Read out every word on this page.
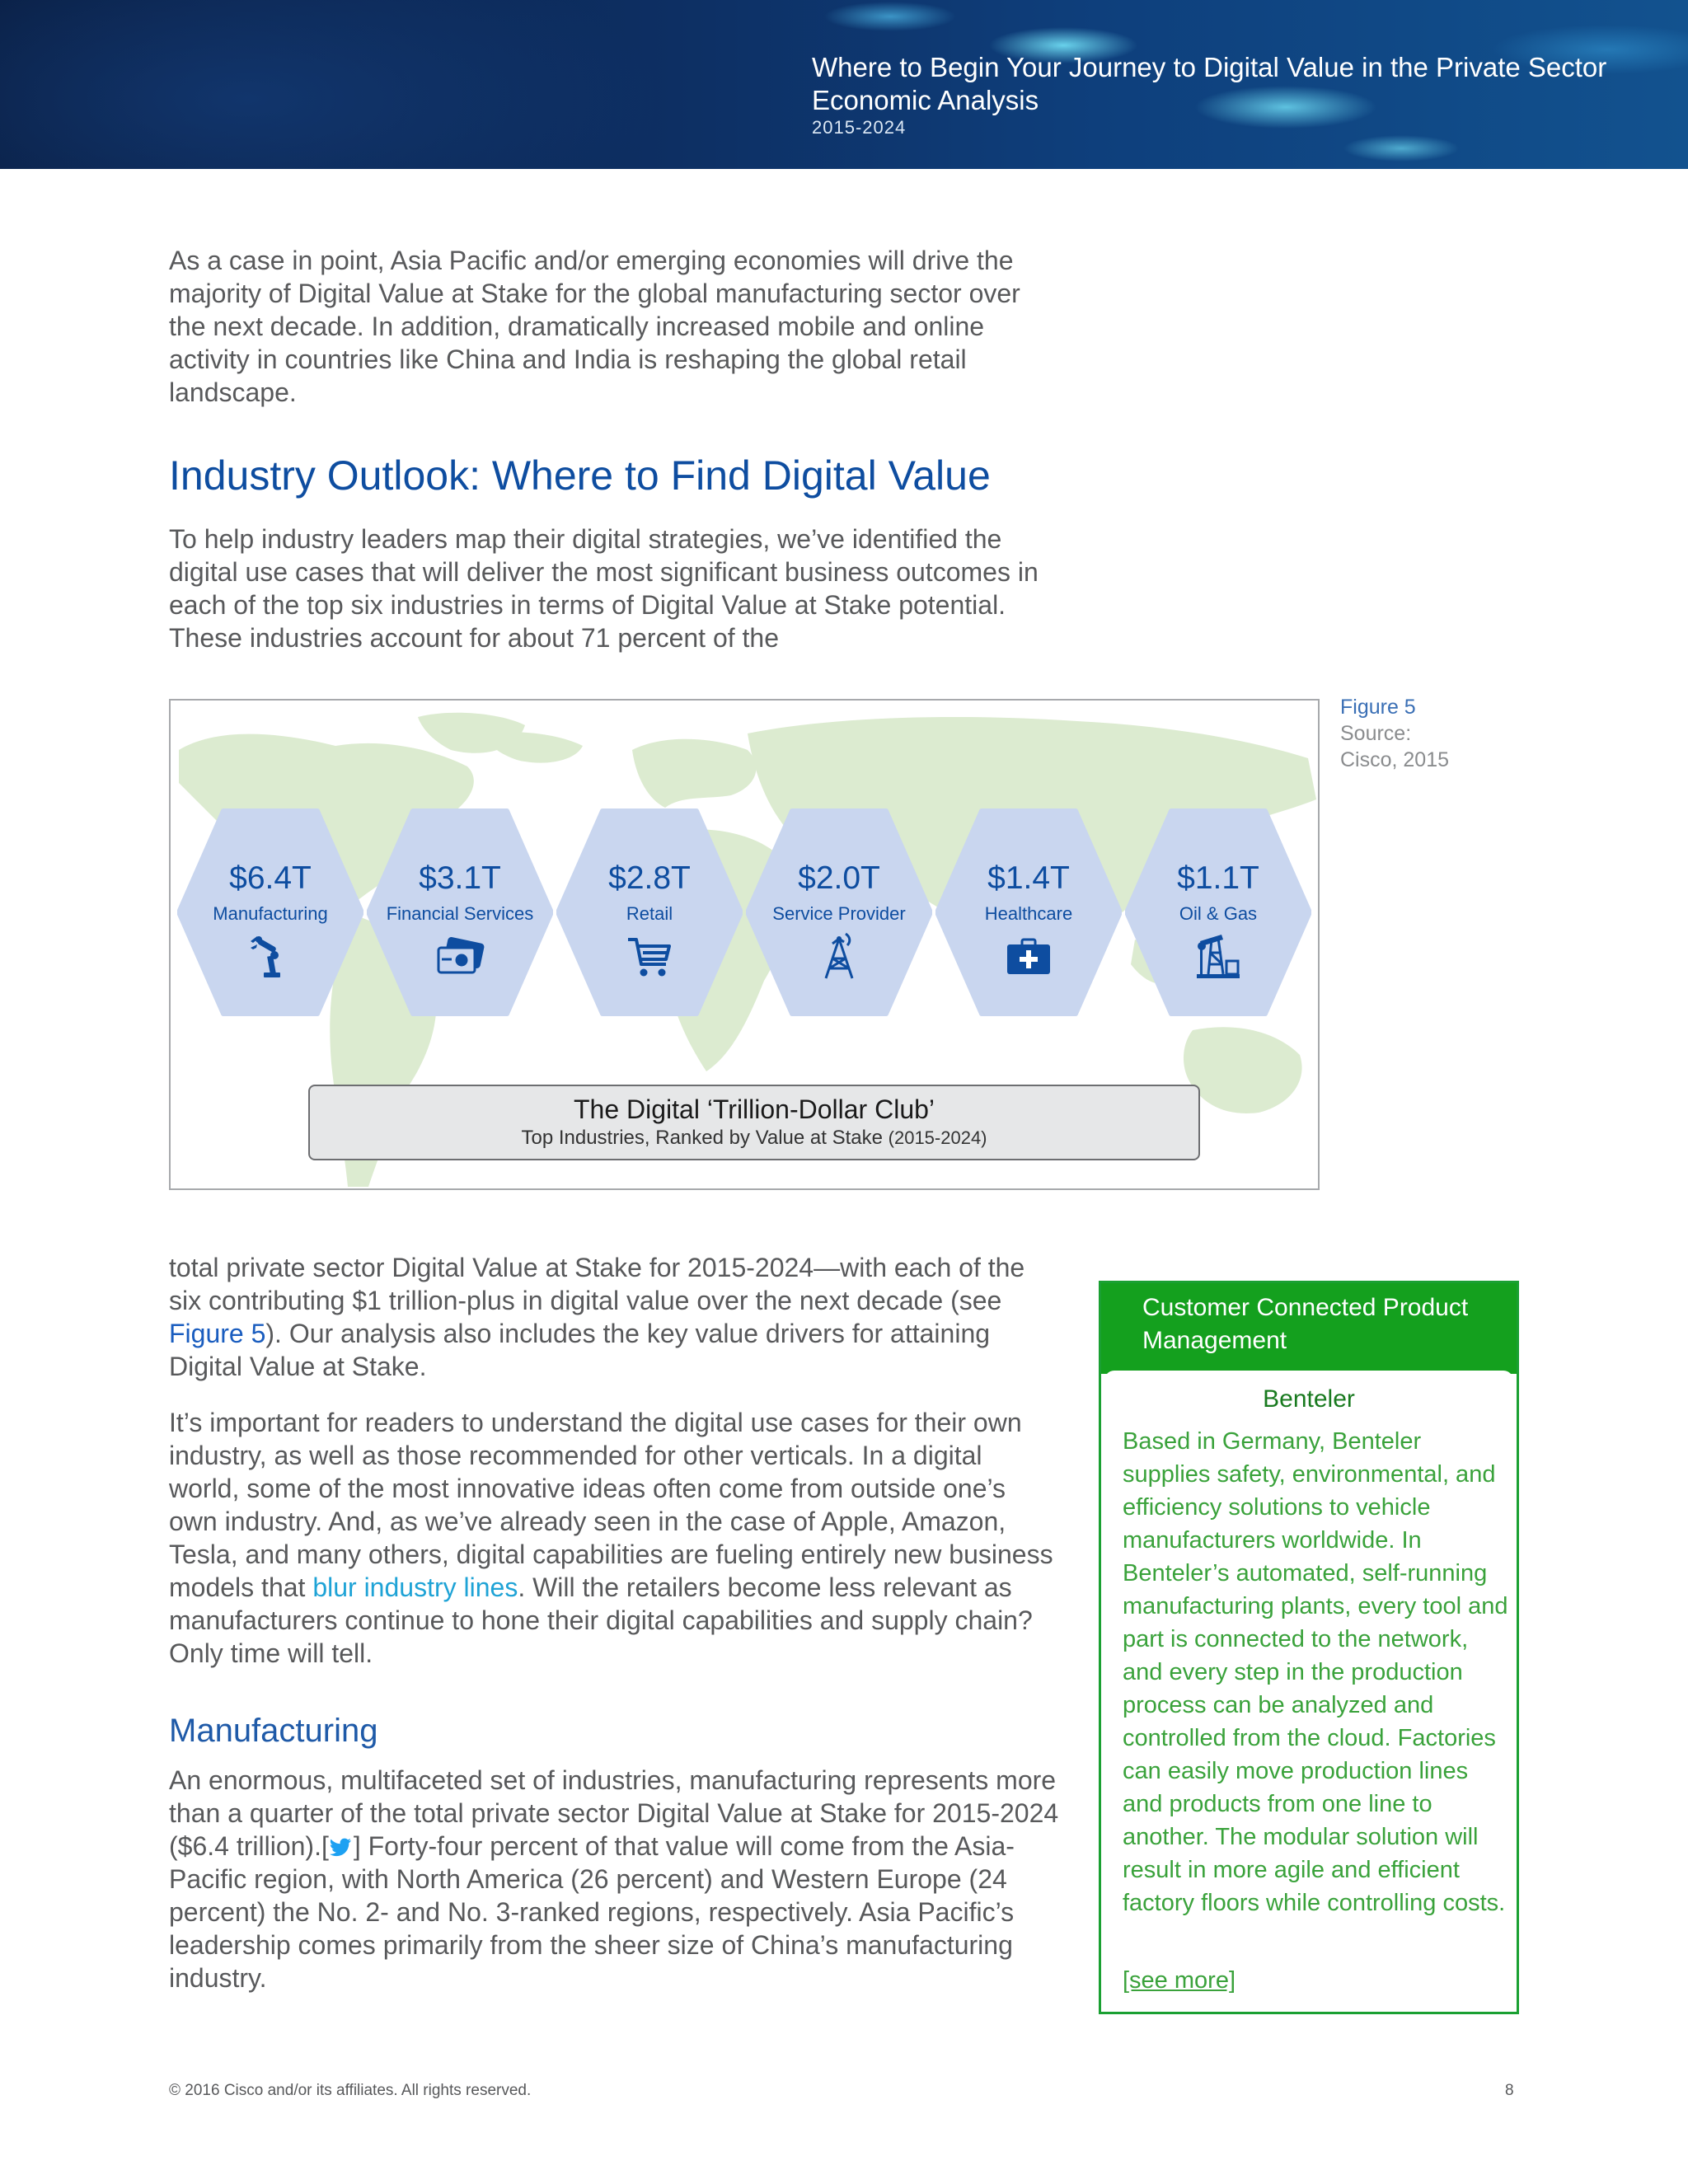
Where to Begin Your Journey to Digital Value in the Private Sector
Economic Analysis
2015-2024

As a case in point, Asia Pacific and/or emerging economies will drive the majority of Digital Value at Stake for the global manufacturing sector over the next decade. In addition, dramatically increased mobile and online activity in countries like China and India is reshaping the global retail landscape.

Industry Outlook: Where to Find Digital Value

To help industry leaders map their digital strategies, we’ve identified the digital use cases that will deliver the most significant business outcomes in each of the top six industries in terms of Digital Value at Stake potential. These industries account for about 71 percent of the

$6.4T
Manufacturing
$3.1T
Financial Services
$2.8T
Retail
$2.0T
Service Provider
$1.4T
Healthcare
$1.1T
Oil & Gas
The Digital ‘Trillion-Dollar Club’
Top Industries, Ranked by Value at Stake (2015-2024)
Figure 5
Source:
Cisco, 2015

total private sector Digital Value at Stake for 2015-2024—with each of the six contributing $1 trillion-plus in digital value over the next decade (see Figure 5). Our analysis also includes the key value drivers for attaining Digital Value at Stake.

It’s important for readers to understand the digital use cases for their own industry, as well as those recommended for other verticals. In a digital world, some of the most innovative ideas often come from outside one’s own industry. And, as we’ve already seen in the case of Apple, Amazon, Tesla, and many others, digital capabilities are fueling entirely new business models that blur industry lines. Will the retailers become less relevant as manufacturers continue to hone their digital capabilities and supply chain? Only time will tell.

Manufacturing

An enormous, multifaceted set of industries, manufacturing represents more than a quarter of the total private sector Digital Value at Stake for 2015-2024 ($6.4 trillion).[ ] Forty-four percent of that value will come from the Asia-Pacific region, with North America (26 percent) and Western Europe (24 percent) the No. 2- and No. 3-ranked regions, respectively. Asia Pacific’s leadership comes primarily from the sheer size of China’s manufacturing industry.

Customer Connected Product Management
Benteler

Based in Germany, Benteler supplies safety, environmental, and efficiency solutions to vehicle manufacturers worldwide. In Benteler’s automated, self-running manufacturing plants, every tool and part is connected to the network, and every step in the production process can be analyzed and controlled from the cloud. Factories can easily move production lines and products from one line to another. The modular solution will result in more agile and efficient factory floors while controlling costs.

[see more]
© 2016 Cisco and/or its affiliates. All rights reserved.	8
